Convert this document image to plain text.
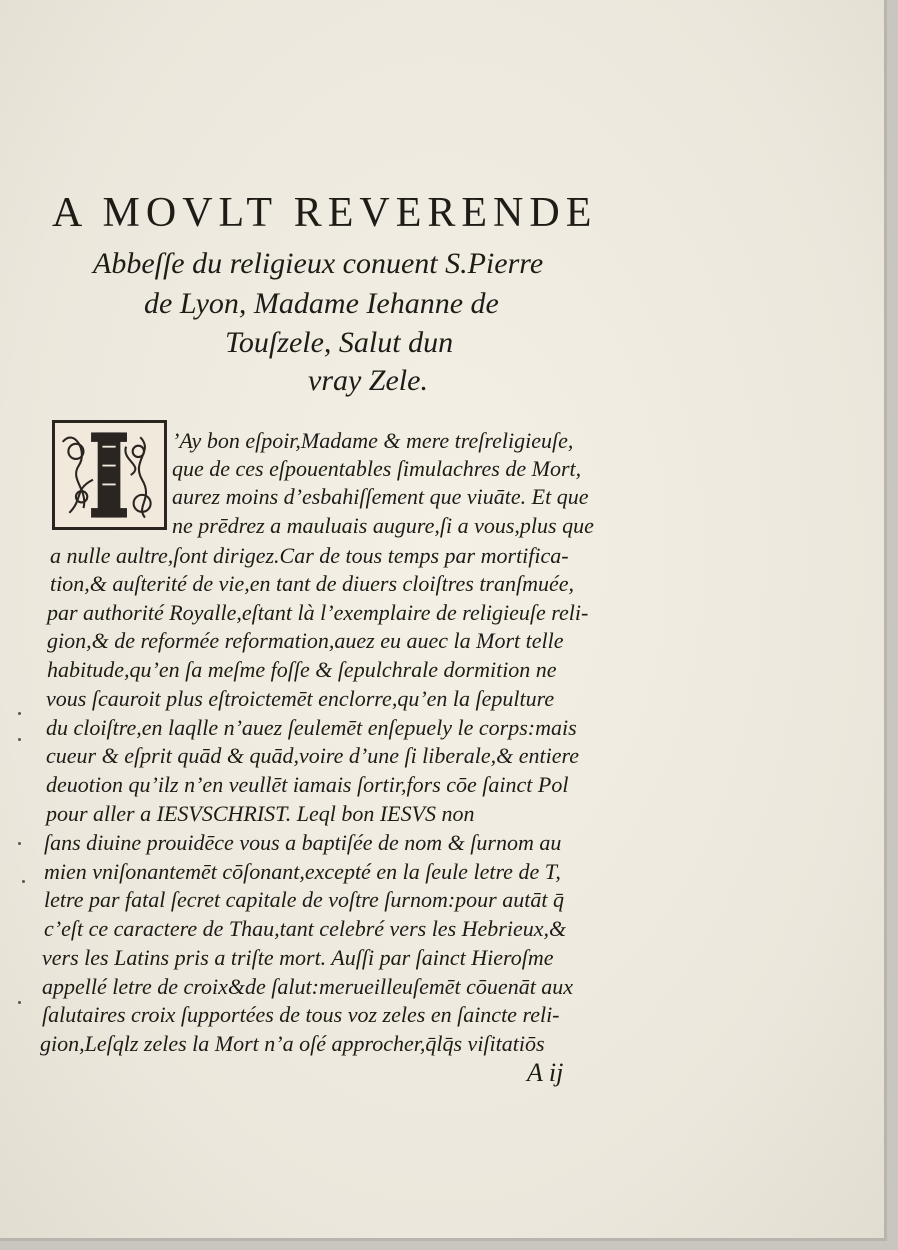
A MOVLT REVERENDE
Abbeſſe du religieux conuent S.Pierre
de Lyon, Madame Iehanne de
Touſzele, Salut dun
vray Zele.
’Ay bon eſpoir,Madame & mere treſreligieuſe,
que de ces eſpouentables ſimulachres de Mort,
aurez moins d’esbahiſſement que viuāte. Et que
ne prēdrez a mauluais augure,ſi a vous,plus que
a nulle aultre,ſont dirigez.Car de tous temps par mortifica-
tion,& auſterité de vie,en tant de diuers cloiſtres tranſmuée,
par authorité Royalle,eſtant là l’exemplaire de religieuſe reli-
gion,& de reformée reformation,auez eu auec la Mort telle
habitude,qu’en ſa meſme foſſe & ſepulchrale dormition ne
vous ſcauroit plus eſtroictemēt enclorre,qu’en la ſepulture
du cloiſtre,en laqlle n’auez ſeulemēt enſepuely le corps:mais
cueur & eſprit quād & quād,voire d’une ſi liberale,& entiere
deuotion qu’ilz n’en veullēt iamais ſortir,fors cōe ſainct Pol
pour aller a IESVSCHRIST. Leql bon IESVS non
ſans diuine prouidēce vous a baptiſée de nom & ſurnom au
mien vniſonantemēt cōſonant,excepté en la ſeule letre de T,
letre par fatal ſecret capitale de voſtre ſurnom:pour autāt q̄
c’eſt ce caractere de Thau,tant celebré vers les Hebrieux,&
vers les Latins pris a triſte mort. Auſſi par ſainct Hieroſme
appellé letre de croix&de ſalut:merueilleuſemēt cōuenāt aux
ſalutaires croix ſupportées de tous voz zeles en ſaincte reli-
gion,Leſqlz zeles la Mort n’a oſé approcher,q̄lq̄s viſitatiōs
A ij
